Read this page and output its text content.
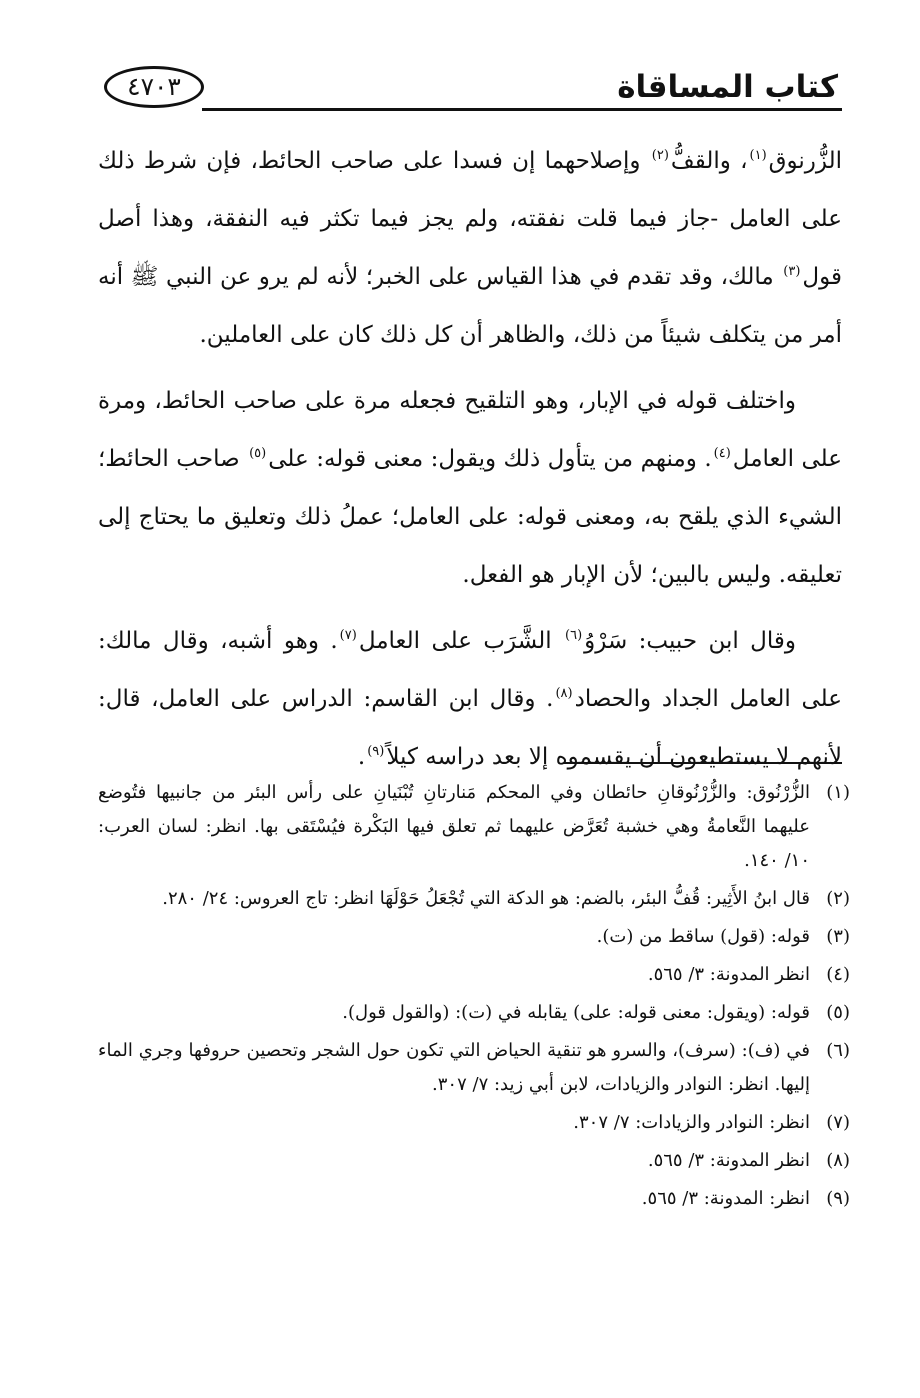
كتاب المساقاة
٤٧٠٣

الزُّرنوق$^{(١)}$، والقفُّ$^{(٢)}$ وإصلاحهما إن فسدا على صاحب الحائط، فإن شرط ذلك على العامل -جاز فيما قلت نفقته، ولم يجز فيما تكثر فيه النفقة، وهذا أصل قول$^{(٣)}$ مالك، وقد تقدم في هذا القياس على الخبر؛ لأنه لم يرو عن النبي ﷺ أنه أمر من يتكلف شيئاً من ذلك، والظاهر أن كل ذلك كان على العاملين.

واختلف قوله في الإبار، وهو التلقيح فجعله مرة على صاحب الحائط، ومرة على العامل$^{(٤)}$. ومنهم من يتأول ذلك ويقول: معنى قوله: على$^{(٥)}$ صاحب الحائط؛ الشيء الذي يلقح به، ومعنى قوله: على العامل؛ عملُ ذلك وتعليق ما يحتاج إلى تعليقه. وليس بالبين؛ لأن الإبار هو الفعل.

وقال ابن حبيب: سَرْوُ$^{(٦)}$ الشَّرَب على العامل$^{(٧)}$. وهو أشبه، وقال مالك: على العامل الجداد والحصاد$^{(٨)}$. وقال ابن القاسم: الدراس على العامل، قال: لأنهم لا يستطيعون أن يقسموه إلا بعد دراسه كيلاً$^{(٩)}$.

(١)الزُّرْنُوق: والزُّرْنُوقانِ حائطان وفي المحكم مَنارتانِ تُبْنَيانِ على رأس البئر من جانبيها فتُوضع عليهما النَّعامةُ وهي خشبة تُعَرَّض عليهما ثم تعلق فيها البَكْرة فيُسْتَقى بها. انظر: لسان العرب: ١٠/ ١٤٠.

(٢)قال ابنُ الأَثِير: قُفُّ البئر، بالضم: هو الدكة التي تُجْعَلُ حَوْلَهَا انظر: تاج العروس: ٢٤/ ٢٨٠.

(٣)قوله: (قول) ساقط من (ت).

(٤)انظر المدونة: ٣/ ٥٦٥.

(٥)قوله: (ويقول: معنى قوله: على) يقابله في (ت): (والقول قول).

(٦)في (ف): (سرف)، والسرو هو تنقية الحياض التي تكون حول الشجر وتحصين حروفها وجري الماء إليها. انظر: النوادر والزيادات، لابن أبي زيد: ٧/ ٣٠٧.

(٧)انظر: النوادر والزيادات: ٧/ ٣٠٧.

(٨)انظر المدونة: ٣/ ٥٦٥.

(٩)انظر: المدونة: ٣/ ٥٦٥.
